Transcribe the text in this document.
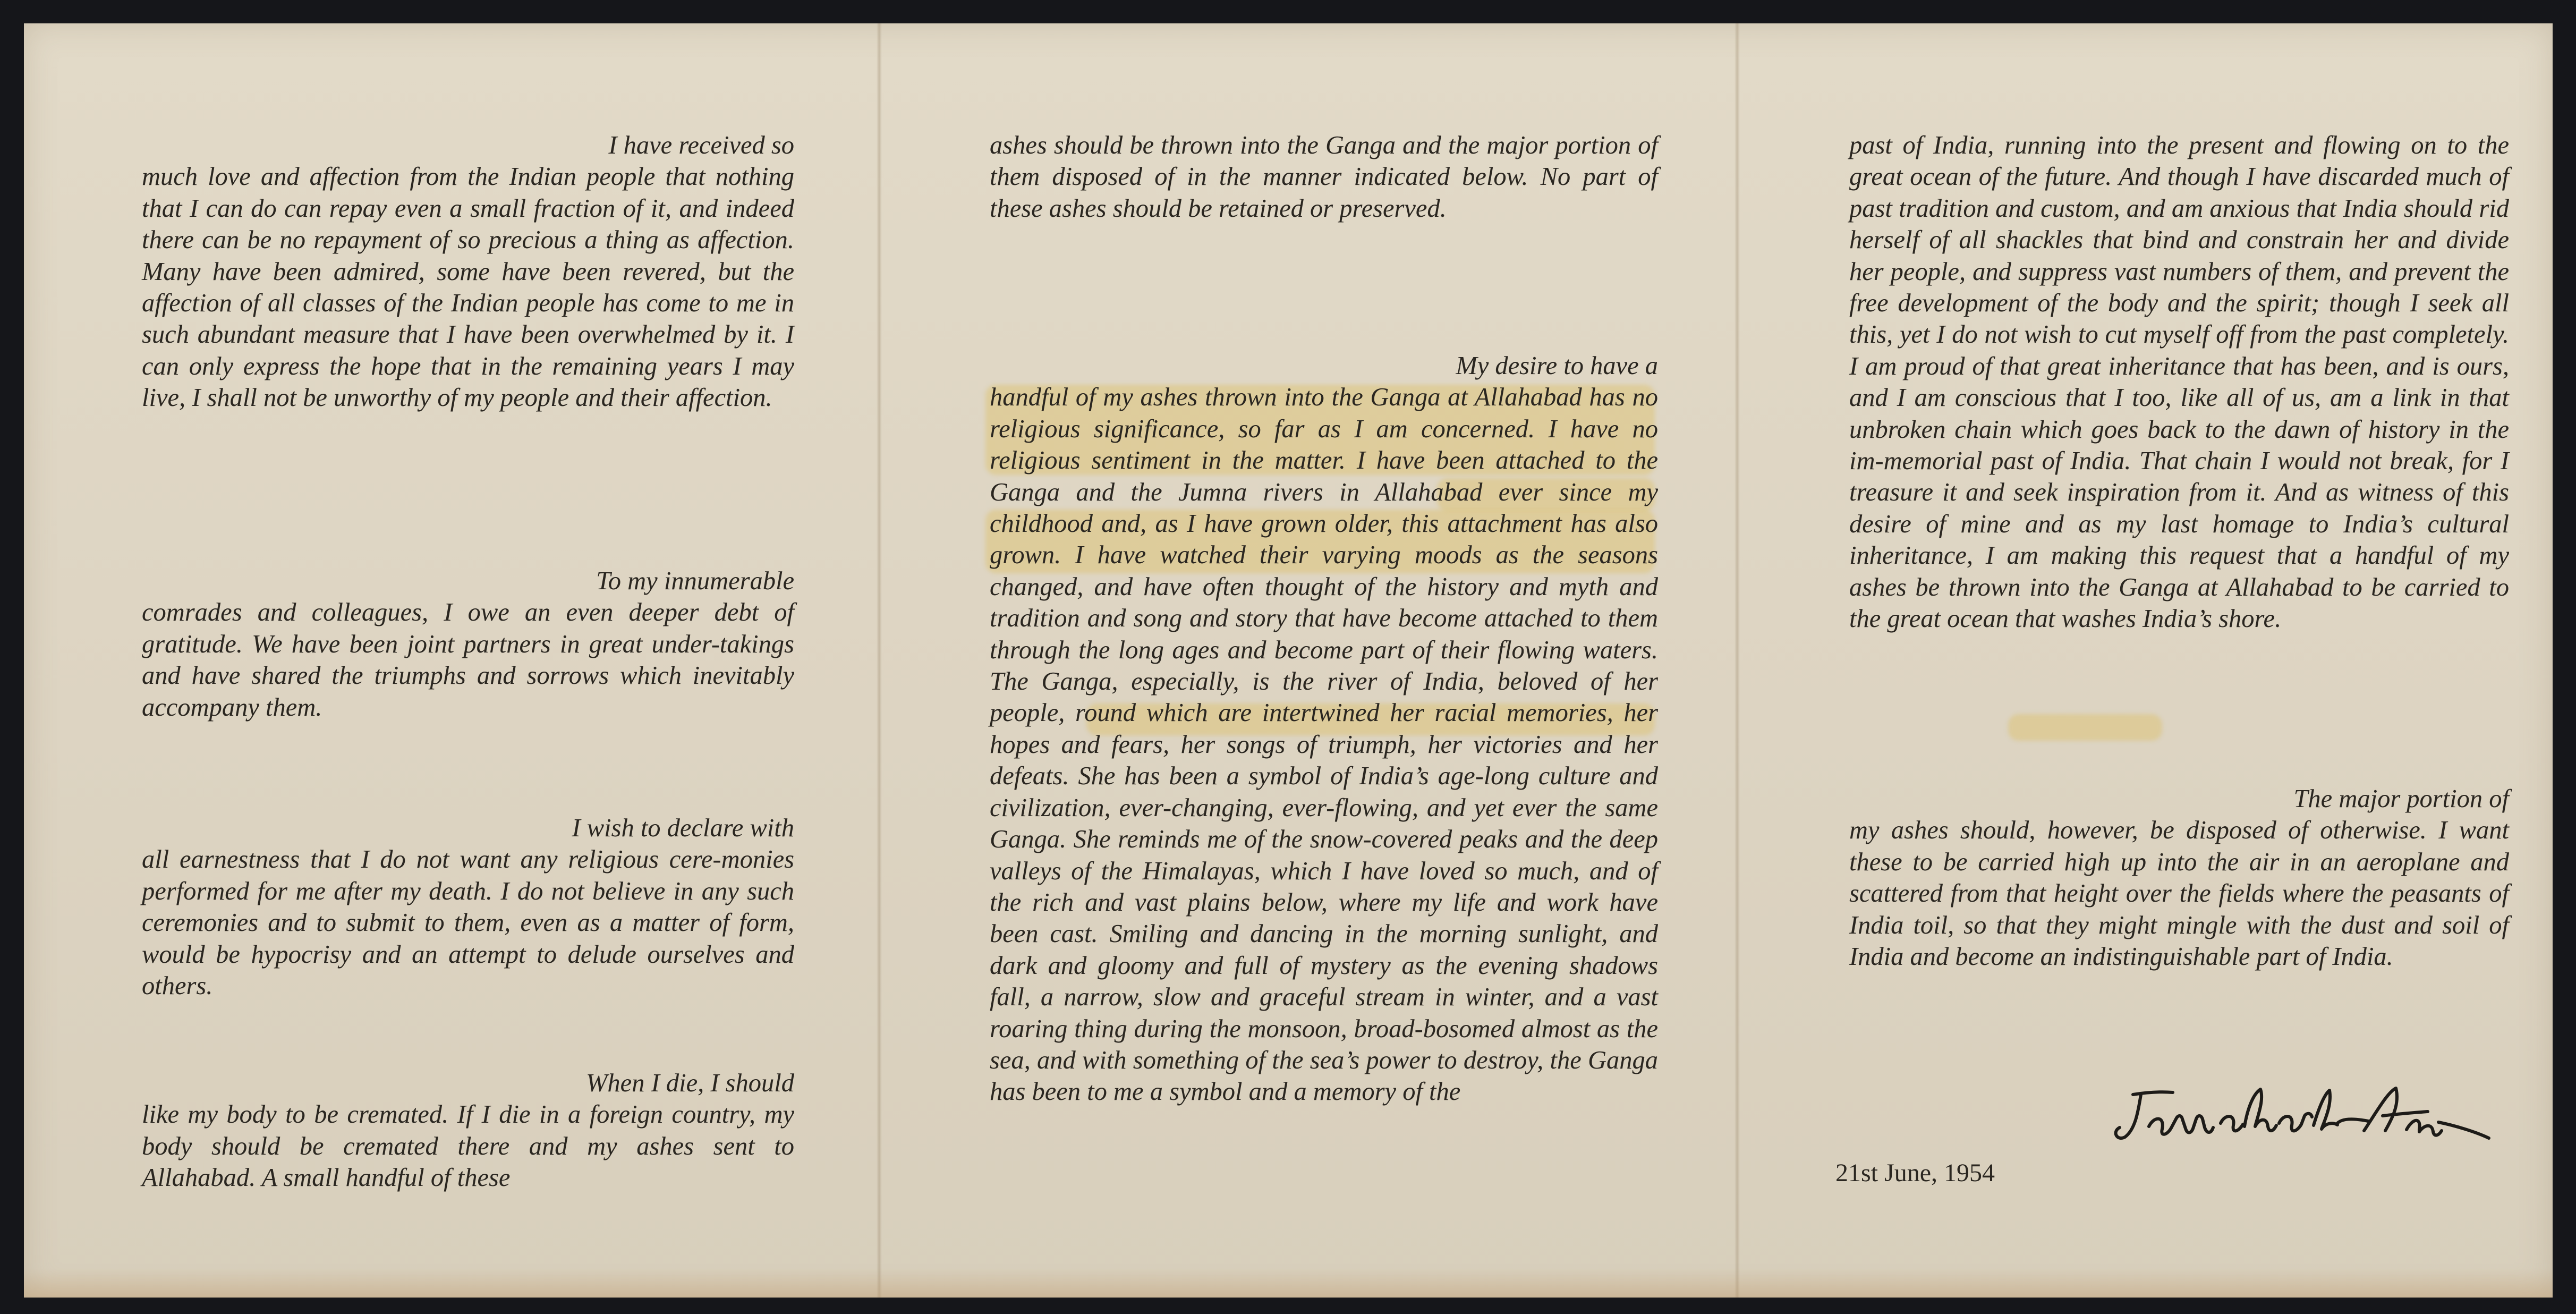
I have received so
much love and affection from the Indian people that nothing that I can do can repay even a small fraction of it, and indeed there can be no repayment of so precious a thing as affection. Many have been admired, some have been revered, but the affection of all classes of the Indian people has come to me in such abundant measure that I have been overwhelmed by it. I can only express the hope that in the remaining years I may live, I shall not be unworthy of my people and their affection.
To my innumerable
comrades and colleagues, I owe an even deeper debt of gratitude. We have been joint partners in great under-takings and have shared the triumphs and sorrows which inevitably accompany them.
I wish to declare with
all earnestness that I do not want any religious cere-monies performed for me after my death. I do not believe in any such ceremonies and to submit to them, even as a matter of form, would be hypocrisy and an attempt to delude ourselves and others.
When I die, I should
like my body to be cremated. If I die in a foreign country, my body should be cremated there and my ashes sent to Allahabad. A small handful of these
ashes should be thrown into the Ganga and the major portion of them disposed of in the manner indicated below. No part of these ashes should be retained or preserved.
My desire to have a
handful of my ashes thrown into the Ganga at Allahabad has no religious significance, so far as I am concerned. I have no religious sentiment in the matter. I have been attached to the Ganga and the Jumna rivers in Allahabad ever since my childhood and, as I have grown older, this attachment has also grown. I have watched their varying moods as the seasons changed, and have often thought of the history and myth and tradition and song and story that have become attached to them through the long ages and become part of their flowing waters. The Ganga, especially, is the river of India, beloved of her people, round which are intertwined her racial memories, her hopes and fears, her songs of triumph, her victories and her defeats. She has been a symbol of India’s age-long culture and civilization, ever-changing, ever-flowing, and yet ever the same Ganga. She reminds me of the snow-covered peaks and the deep valleys of the Himalayas, which I have loved so much, and of the rich and vast plains below, where my life and work have been cast. Smiling and dancing in the morning sunlight, and dark and gloomy and full of mystery as the evening shadows fall, a narrow, slow and graceful stream in winter, and a vast roaring thing during the monsoon, broad-bosomed almost as the sea, and with something of the sea’s power to destroy, the Ganga has been to me a symbol and a memory of the
past of India, running into the present and flowing on to the great ocean of the future. And though I have discarded much of past tradition and custom, and am anxious that India should rid herself of all shackles that bind and constrain her and divide her people, and suppress vast numbers of them, and prevent the free development of the body and the spirit; though I seek all this, yet I do not wish to cut myself off from the past completely. I am proud of that great inheritance that has been, and is ours, and I am conscious that I too, like all of us, am a link in that unbroken chain which goes back to the dawn of history in the im-memorial past of India. That chain I would not break, for I treasure it and seek inspiration from it. And as witness of this desire of mine and as my last homage to India’s cultural inheritance, I am making this request that a handful of my ashes be thrown into the Ganga at Allahabad to be carried to the great ocean that washes India’s shore.
The major portion of
my ashes should, however, be disposed of otherwise. I want these to be carried high up into the air in an aeroplane and scattered from that height over the fields where the peasants of India toil, so that they might mingle with the dust and soil of India and become an indistinguishable part of India.
21st June, 1954
